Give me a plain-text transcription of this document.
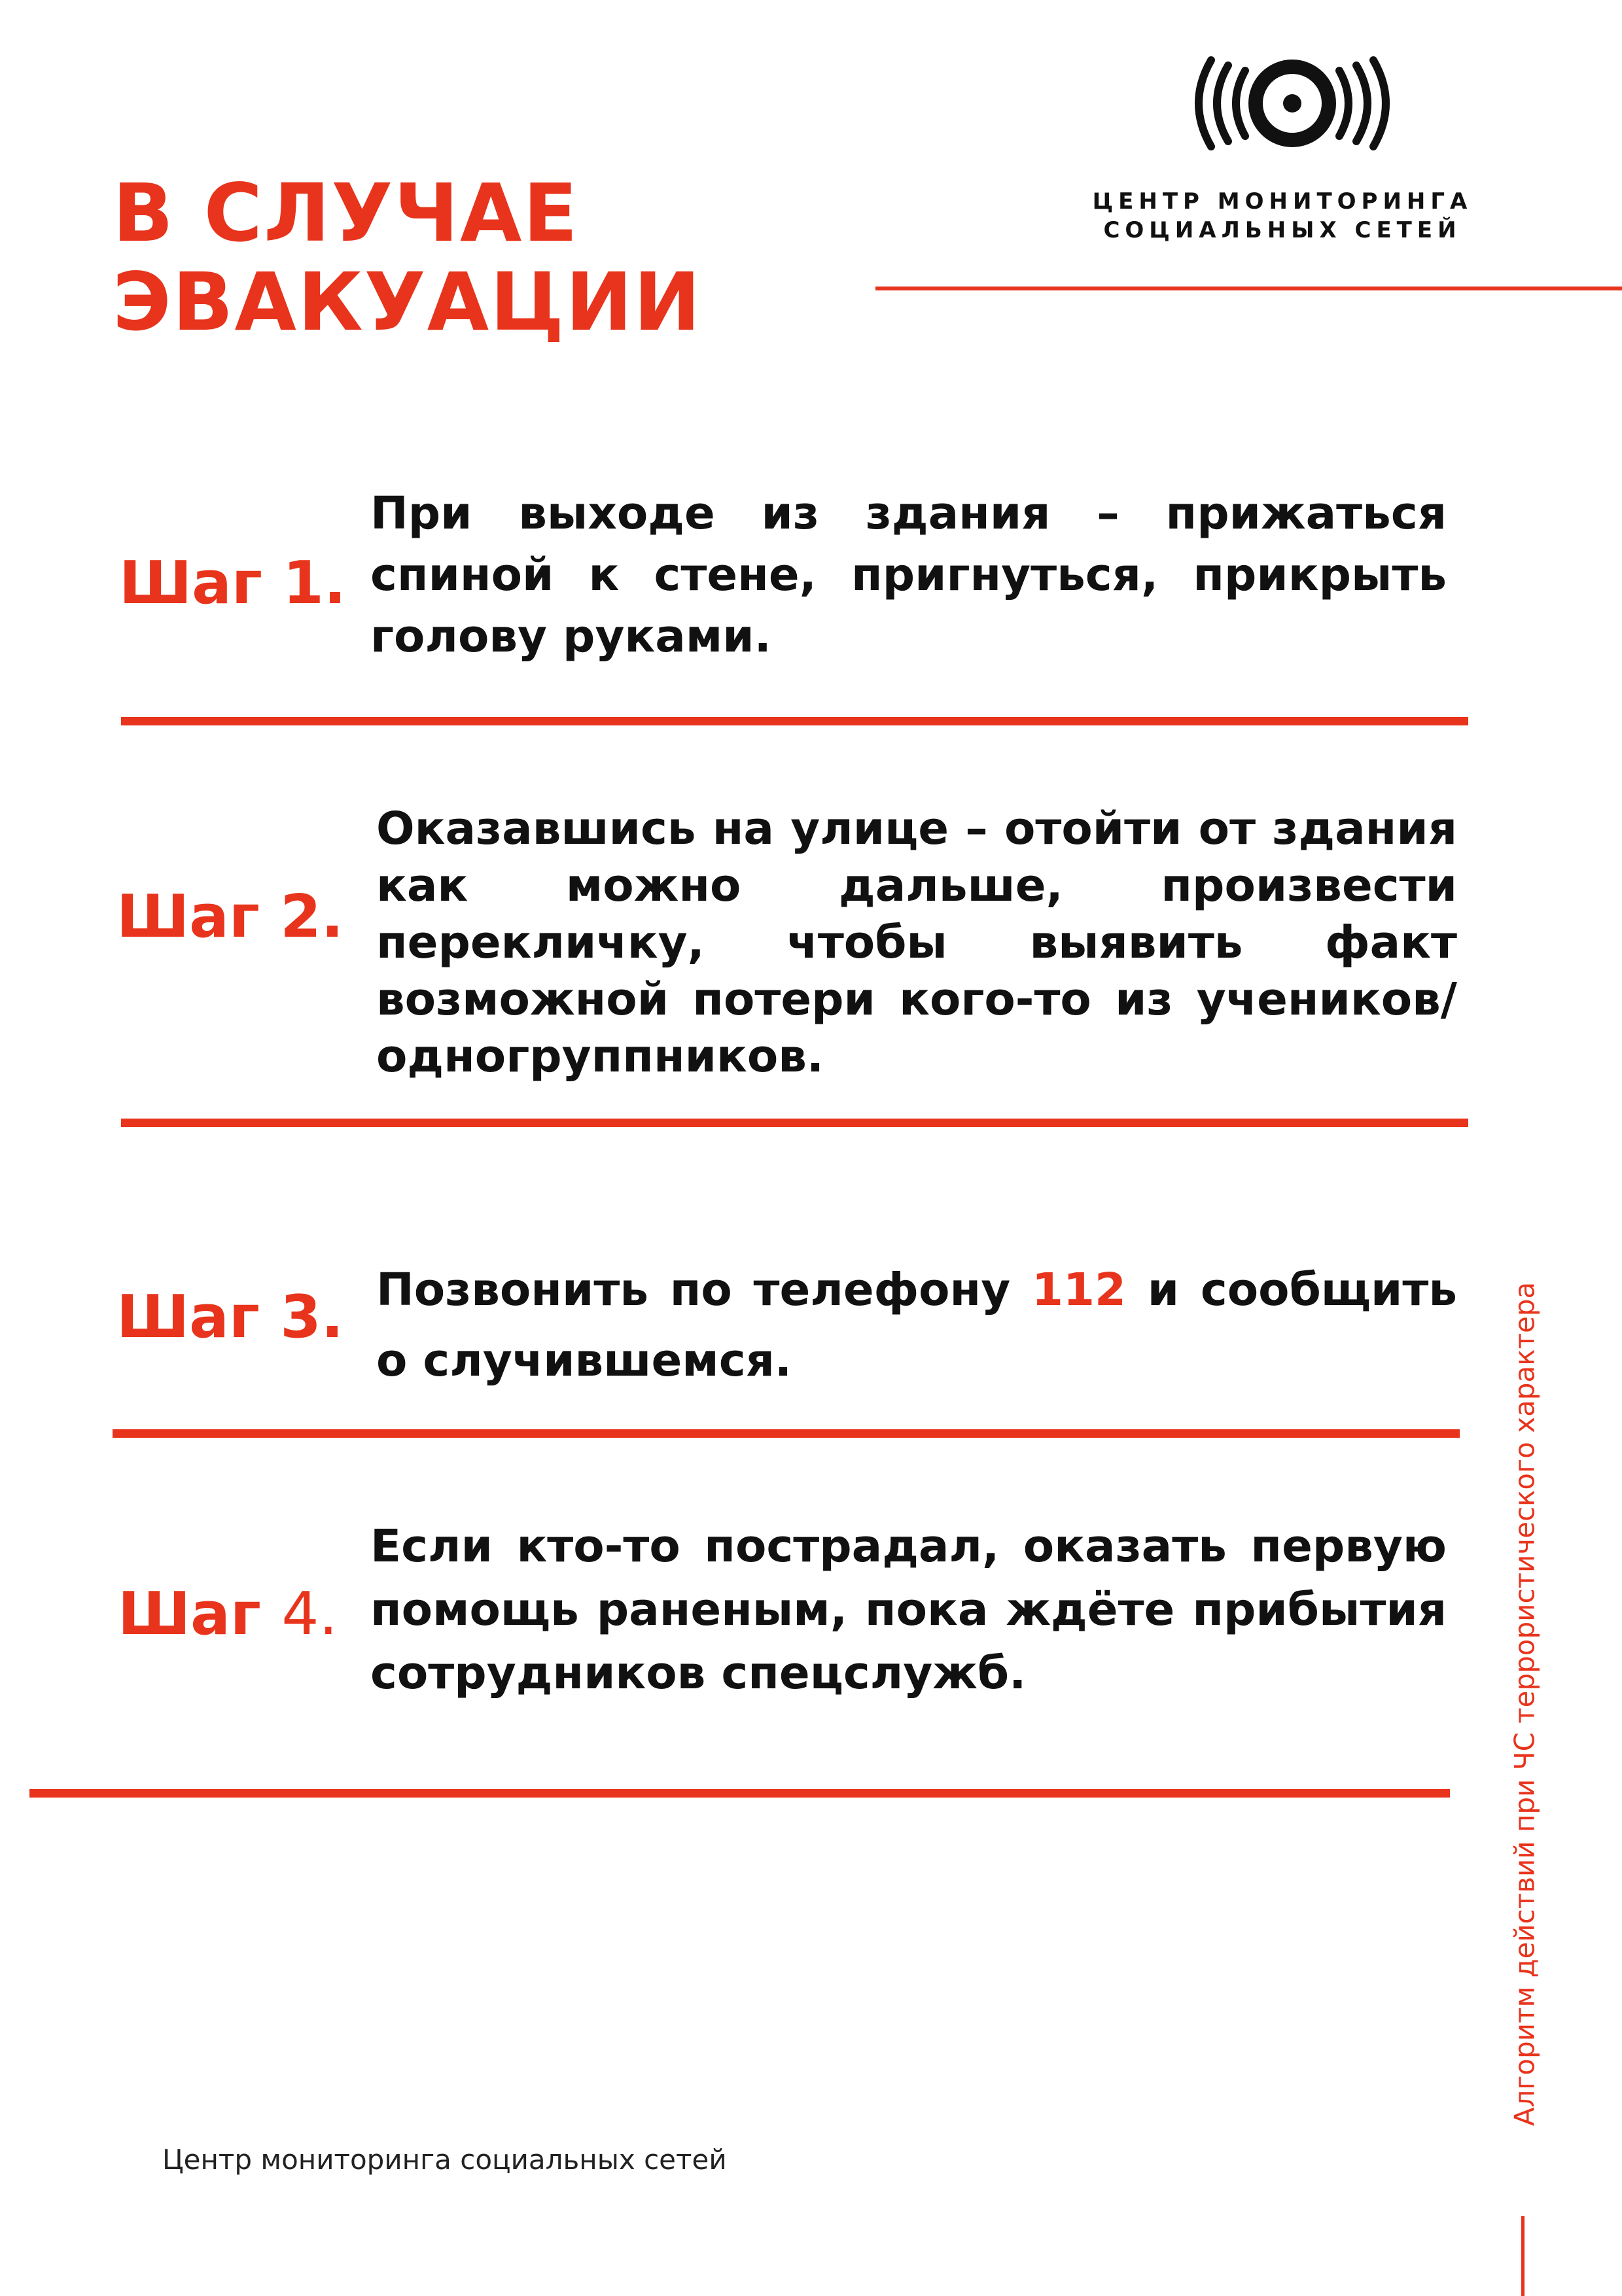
В СЛУЧАЕ
ЭВАКУАЦИИ
ЦЕНТР МОНИТОРИНГА
СОЦИАЛЬНЫХ СЕТЕЙ
Шаг 1.

При выходе из здания – прижаться спиной к стене, пригнуться, прикрыть голову руками.

Шаг 2.

Оказавшись на улице – отойти от здания как можно дальше, произвести перекличку, чтобы выявить факт возможной потери кого-то из учеников/одногруппников.

Шаг 3. Позвонить по телефону 112 и сообщить о случившемся.

Шаг 4.

Если кто-то пострадал, оказать первую помощь раненым, пока ждёте прибытия сотрудников спецслужб.

Центр мониторинга социальных сетей
Алгоритм действий при ЧС террористического характера
